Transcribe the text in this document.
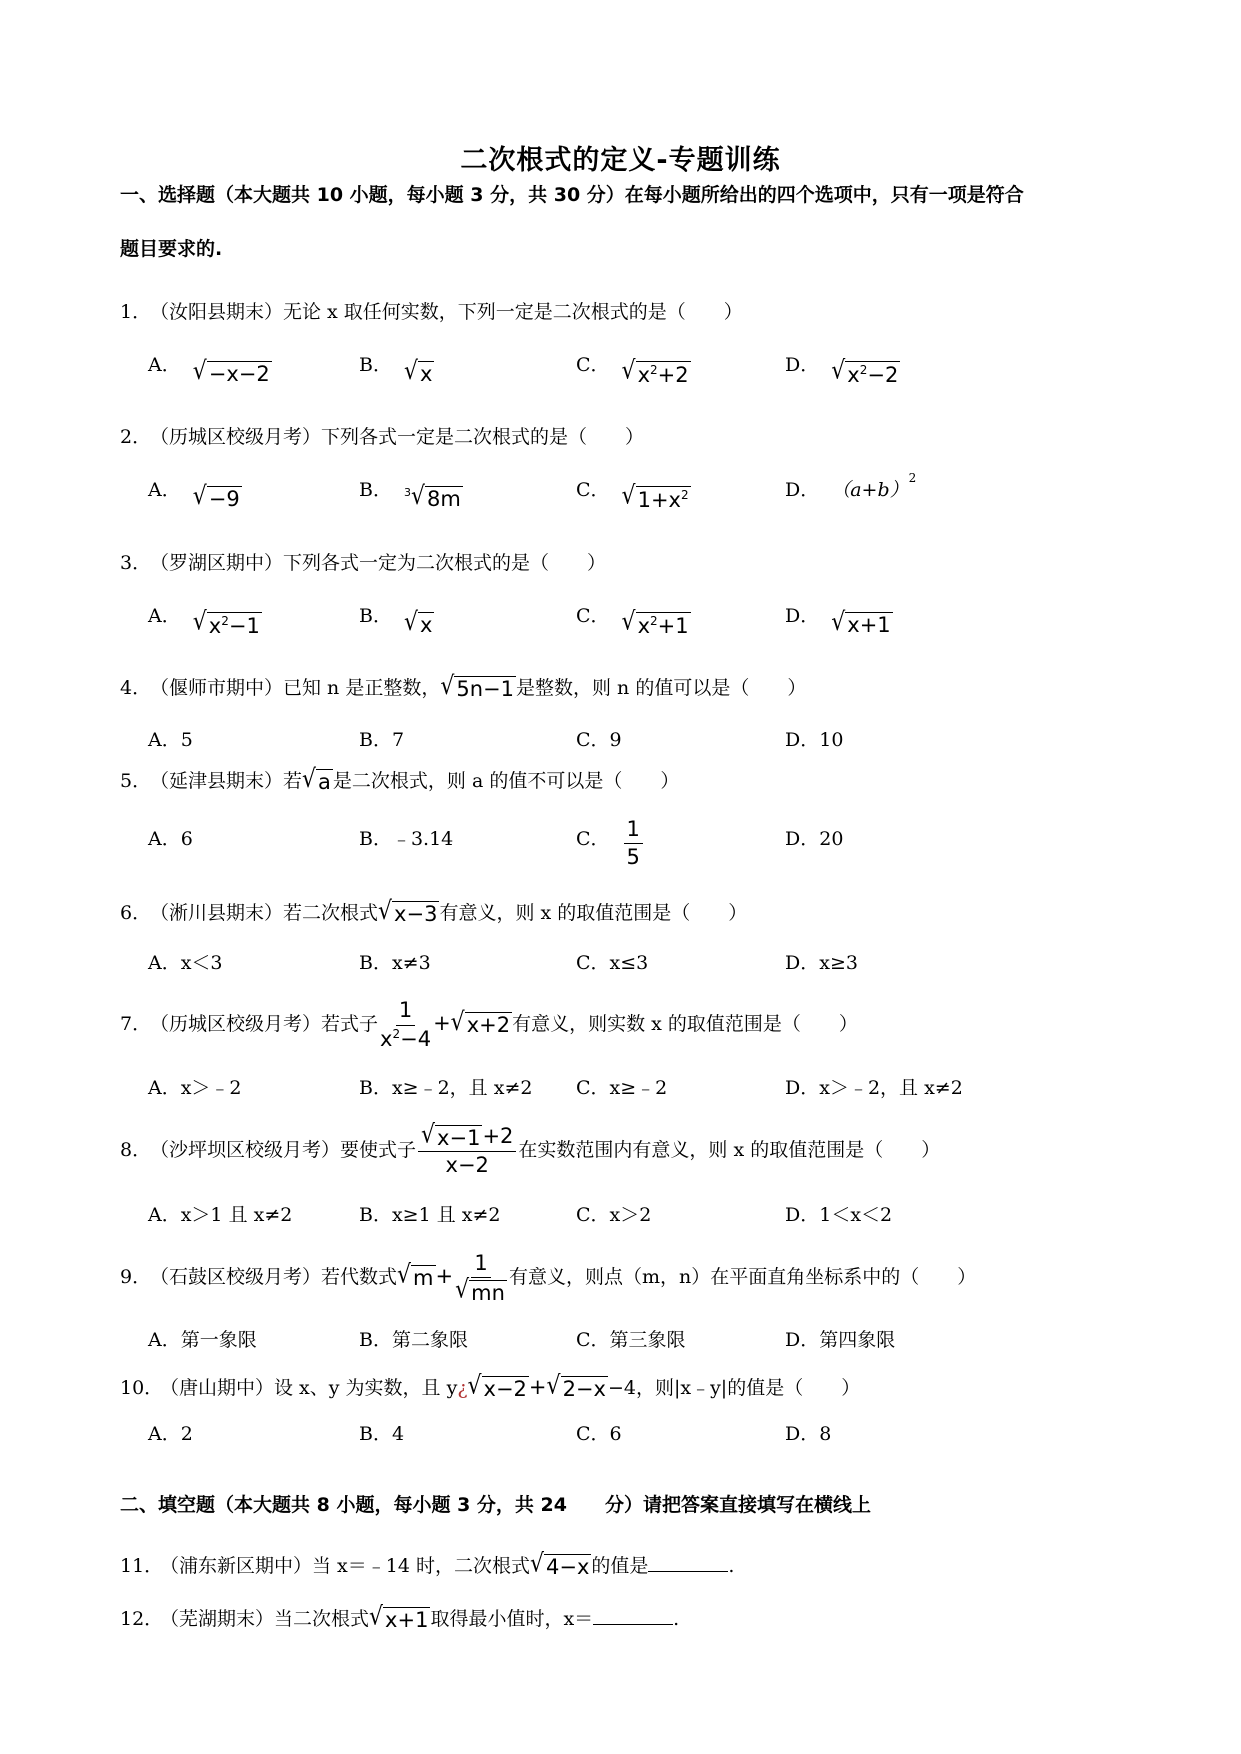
二次根式的定义-专题训练
一、选择题（本大题共 10 小题，每小题 3 分，共 30 分）在每小题所给出的四个选项中，只有一项是符合
题目要求的.
1．（汝阳县期末）无论 x 取任何实数，下列一定是二次根式的是（　　）
A． √ −x−2	B． √ x	C． √ $x^2+2$	D． √ $x^2-2$
2．（历城区校级月考）下列各式一定是二次根式的是（　　）
A． √ −9	B． $^3$ √ 8m	C． √ $1+x^2$	D． （a+b）
$^2$
3．（罗湖区期中）下列各式一定为二次根式的是（　　）
A． √ $x^2-1$	B． √ x	C． √ $x^2+1$	D． √ x+1
4．（偃师市期中）已知 n 是正整数， √ 5n−1 是整数，则 n 的值可以是（　　）
A．5	B．7	C．9	D．10
5．（延津县期末）若 √ a 是二次根式，则 a 的值不可以是（　　）
A．6	B．﹣3.14	C． $\frac{1}{5}$	D．20
6．（淅川县期末）若二次根式 √ x−3 有意义，则 x 的取值范围是（　　）
A．x＜3	B．x≠3	C．x≤3	D．x≥3
7．（历城区校级月考）若式子 $\frac{1}{x^2-4}$ + √ x+2 有意义，则实数 x 的取值范围是（　　）
A．x＞﹣2	B．x≥﹣2，且 x≠2 C．x≥﹣2	D．x＞﹣2，且 x≠2
8．（沙坪坝区校级月考）要使式子 $\frac{√ x-1 +2}{x-2}$ 在实数范围内有意义，则 x 的取值范围是（　　）
A．x＞1 且 x≠2	B．x≥1 且 x≠2	C．x＞2	D．1＜x＜2
9．（石鼓区校级月考）若代数式 √ $m + \frac{1}{√ mn}$ 有意义，则点（m，n）在平面直角坐标系中的（　　）
A．第一象限	B．第二象限	C．第三象限	D．第四象限
10．（唐山期中）设 x、y 为实数，且 y¿ √ x−2 + √ 2−x −4，则|x﹣y|的值是（　　）
A．2	B．4	C．6	D．8
二、填空题（本大题共 8 小题，每小题 3 分，共 24　　分）请把答案直接填写在横线上
11．（浦东新区期中）当 x＝﹣14 时，二次根式 √ 4−x 的值是	.
12．（芜湖期末）当二次根式 √ x+1 取得最小值时，x＝	.
